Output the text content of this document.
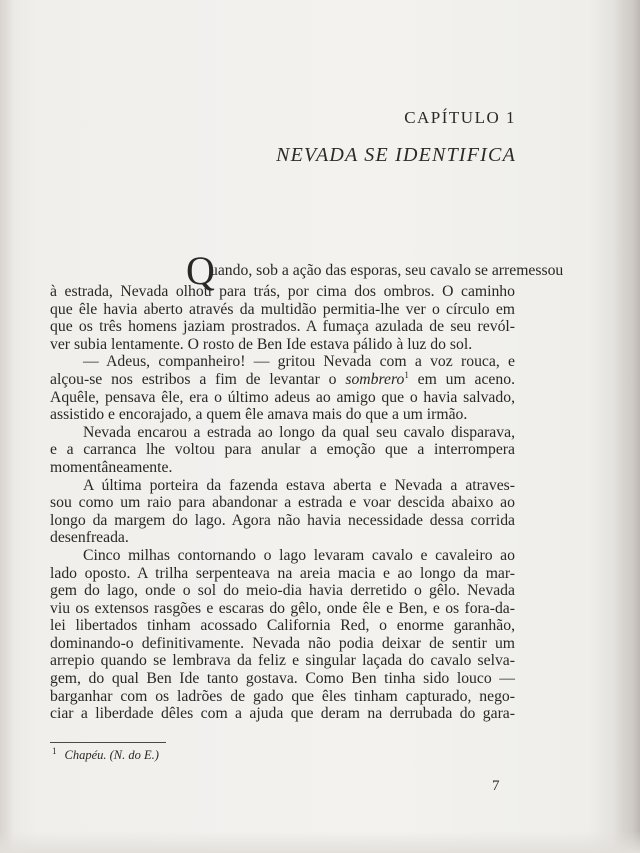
CAPÍTULO 1
NEVADA SE IDENTIFICA
Q
uando, sob a ação das esporas, seu cavalo se arremessou
à estrada, Nevada olhou para trás, por cima dos ombros. O caminho
que êle havia aberto através da multidão permitia-lhe ver o círculo em
que os três homens jaziam prostrados. A fumaça azulada de seu revól-
ver subia lentamente. O rosto de Ben Ide estava pálido à luz do sol.
— Adeus, companheiro! — gritou Nevada com a voz rouca, e
alçou-se nos estribos a fim de levantar o sombrero$^1$ em um aceno.
Aquêle, pensava êle, era o último adeus ao amigo que o havia salvado,
assistido e encorajado, a quem êle amava mais do que a um irmão.
Nevada encarou a estrada ao longo da qual seu cavalo disparava,
e a carranca lhe voltou para anular a emoção que a interrompera
momentâneamente.
A última porteira da fazenda estava aberta e Nevada a atraves-
sou como um raio para abandonar a estrada e voar descida abaixo ao
longo da margem do lago. Agora não havia necessidade dessa corrida
desenfreada.
Cinco milhas contornando o lago levaram cavalo e cavaleiro ao
lado oposto. A trilha serpenteava na areia macia e ao longo da mar-
gem do lago, onde o sol do meio-dia havia derretido o gêlo. Nevada
viu os extensos rasgões e escaras do gêlo, onde êle e Ben, e os fora-da-
lei libertados tinham acossado California Red, o enorme garanhão,
dominando-o definitivamente. Nevada não podia deixar de sentir um
arrepio quando se lembrava da feliz e singular laçada do cavalo selva-
gem, do qual Ben Ide tanto gostava. Como Ben tinha sido louco —
barganhar com os ladrões de gado que êles tinham capturado, nego-
ciar a liberdade dêles com a ajuda que deram na derrubada do gara-
$^1$ Chapéu. (N. do E.)
7
